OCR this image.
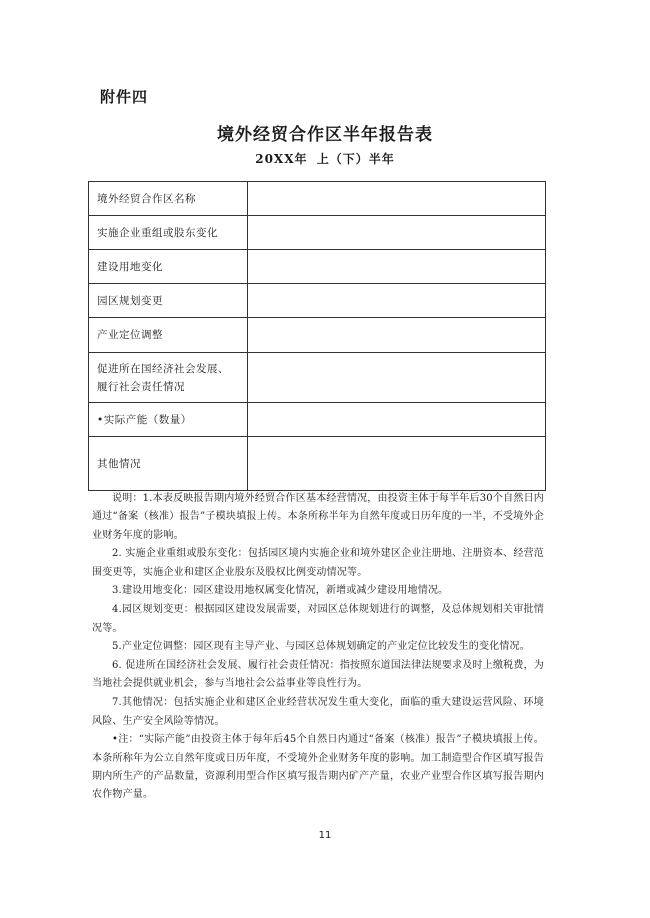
附件四
境外经贸合作区半年报告表
20XX年 上（下）半年
境外经贸合作区名称	
实施企业重组或股东变化	
建设用地变化	
园区规划变更	
产业定位调整	
促进所在国经济社会发展、履行社会责任情况	
•实际产能（数量）	
其他情况	

说明：1.本表反映报告期内境外经贸合作区基本经营情况，由投资主体于每半年后30个自然日内通过“备案（核准）报告”子模块填报上传。本条所称半年为自然年度或日历年度的一半，不受境外企业财务年度的影响。

2. 实施企业重组或股东变化：包括园区境内实施企业和境外建区企业注册地、注册资本、经营范围变更等，实施企业和建区企业股东及股权比例变动情况等。

3.建设用地变化：园区建设用地权属变化情况，新增或减少建设用地情况。

4.园区规划变更：根据园区建设发展需要，对园区总体规划进行的调整，及总体规划相关审批情况等。

5.产业定位调整：园区现有主导产业、与园区总体规划确定的产业定位比较发生的变化情况。

6. 促进所在国经济社会发展、履行社会责任情况：指按照东道国法律法规要求及时上缴税费，为当地社会提供就业机会，参与当地社会公益事业等良性行为。

7.其他情况：包括实施企业和建区企业经营状况发生重大变化，面临的重大建设运营风险、环境风险、生产安全风险等情况。

•注：“实际产能”由投资主体于每年后45个自然日内通过“备案（核准）报告”子模块填报上传。本条所称年为公立自然年度或日历年度，不受境外企业财务年度的影响。加工制造型合作区填写报告期内所生产的产品数量，资源利用型合作区填写报告期内矿产产量，农业产业型合作区填写报告期内农作物产量。

11
